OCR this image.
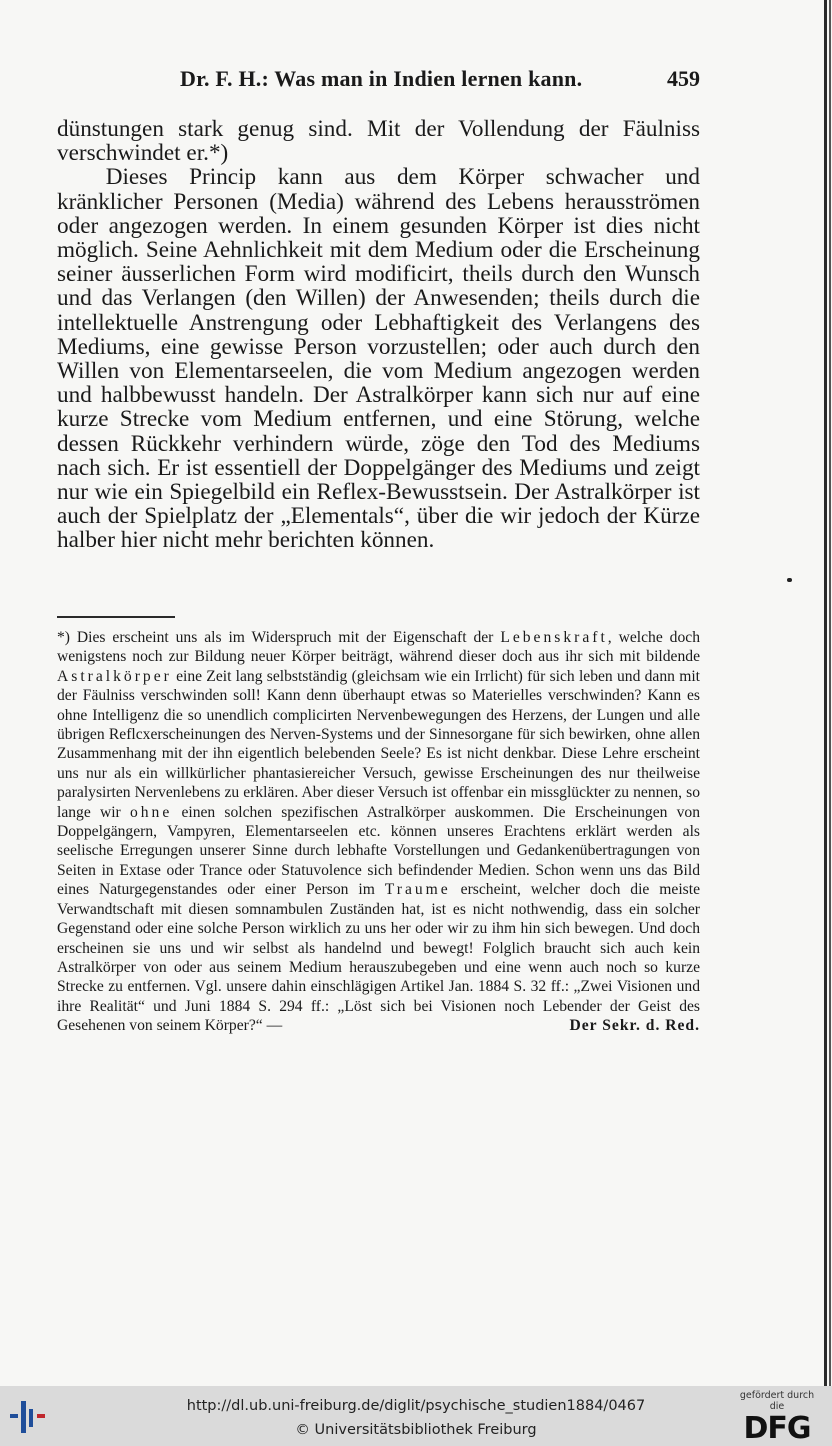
Dr. F. H.: Was man in Indien lernen kann.	459

dünstungen stark genug sind. Mit der Vollendung der Fäulniss verschwindet er.*)

Dieses Princip kann aus dem Körper schwacher und kränklicher Personen (Media) während des Lebens herausströmen oder angezogen werden. In einem gesunden Körper ist dies nicht möglich. Seine Aehnlichkeit mit dem Medium oder die Erscheinung seiner äusserlichen Form wird modificirt, theils durch den Wunsch und das Verlangen (den Willen) der Anwesenden; theils durch die intellektuelle Anstrengung oder Lebhaftigkeit des Verlangens des Mediums, eine gewisse Person vorzustellen; oder auch durch den Willen von Elementarseelen, die vom Medium angezogen werden und halbbewusst handeln. Der Astralkörper kann sich nur auf eine kurze Strecke vom Medium entfernen, und eine Störung, welche dessen Rückkehr verhindern würde, zöge den Tod des Mediums nach sich. Er ist essentiell der Doppelgänger des Mediums und zeigt nur wie ein Spiegelbild ein Reflex-Bewusstsein. Der Astralkörper ist auch der Spielplatz der „Elementals“, über die wir jedoch der Kürze halber hier nicht mehr berichten können.

*) Dies erscheint uns als im Widerspruch mit der Eigenschaft der Lebenskraft, welche doch wenigstens noch zur Bildung neuer Körper beiträgt, während dieser doch aus ihr sich mit bildende Astralkörper eine Zeit lang selbstständig (gleichsam wie ein Irrlicht) für sich leben und dann mit der Fäulniss verschwinden soll! Kann denn überhaupt etwas so Materielles verschwinden? Kann es ohne Intelligenz die so unendlich complicirten Nervenbewegungen des Herzens, der Lungen und alle übrigen Reflcxerscheinungen des Nerven-Systems und der Sinnesorgane für sich bewirken, ohne allen Zusammenhang mit der ihn eigentlich belebenden Seele? Es ist nicht denkbar. Diese Lehre erscheint uns nur als ein willkürlicher phantasiereicher Versuch, gewisse Erscheinungen des nur theilweise paralysirten Nervenlebens zu erklären. Aber dieser Versuch ist offenbar ein missglückter zu nennen, so lange wir ohne einen solchen spezifischen Astralkörper auskommen. Die Erscheinungen von Doppelgängern, Vampyren, Elementarseelen etc. können unseres Erachtens erklärt werden als seelische Erregungen unserer Sinne durch lebhafte Vorstellungen und Gedankenübertragungen von Seiten in Extase oder Trance oder Statuvolence sich befindender Medien. Schon wenn uns das Bild eines Naturgegenstandes oder einer Person im Traume erscheint, welcher doch die meiste Verwandtschaft mit diesen somnambulen Zuständen hat, ist es nicht nothwendig, dass ein solcher Gegenstand oder eine solche Person wirklich zu uns her oder wir zu ihm hin sich bewegen. Und doch erscheinen sie uns und wir selbst als handelnd und bewegt! Folglich braucht sich auch kein Astralkörper von oder aus seinem Medium herauszubegeben und eine wenn auch noch so kurze Strecke zu entfernen. Vgl. unsere dahin einschlägigen Artikel Jan. 1884 S. 32 ff.: „Zwei Visionen und ihre Realität“ und Juni 1884 S. 294 ff.: „Löst sich bei Visionen noch Lebender der Geist des Gesehenen von seinem Körper?“ —	Der Sekr. d. Red.
http://dl.ub.uni-freiburg.de/diglit/psychische_studien1884/0467
© Universitätsbibliothek Freiburg
gefördert durch die
DFG
